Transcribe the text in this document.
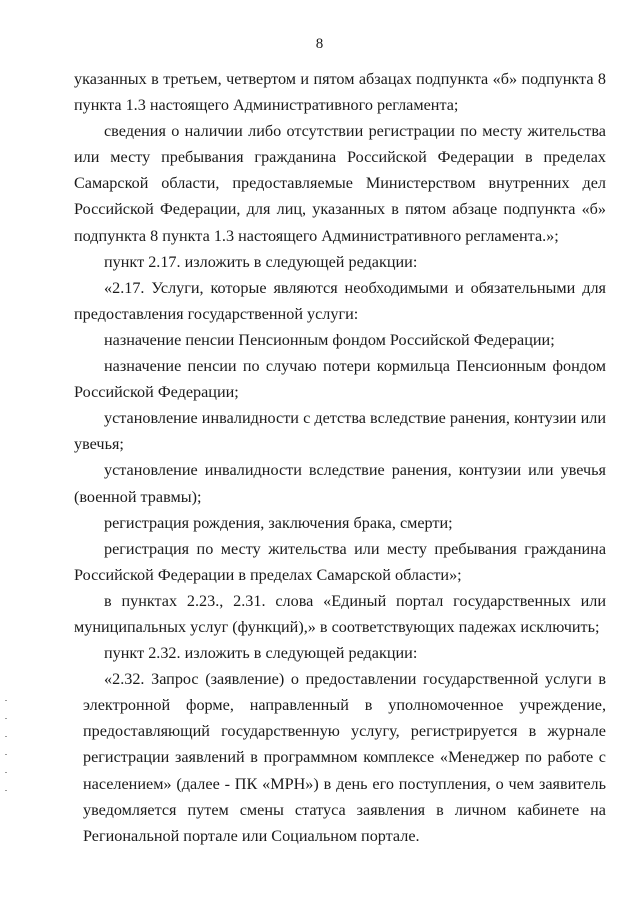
8

указанных в третьем, четвертом и пятом абзацах подпункта «б» подпункта 8 пункта 1.3 настоящего Административного регламента;

сведения о наличии либо отсутствии регистрации по месту жительства или месту пребывания гражданина Российской Федерации в пределах Самарской области, предоставляемые Министерством внутренних дел Российской Федерации, для лиц, указанных в пятом абзаце подпункта «б» подпункта 8 пункта 1.3 настоящего Административного регламента.»;

пункт 2.17. изложить в следующей редакции:

«2.17. Услуги, которые являются необходимыми и обязательными для предоставления государственной услуги:

назначение пенсии Пенсионным фондом Российской Федерации;

назначение пенсии по случаю потери кормильца Пенсионным фондом Российской Федерации;

установление инвалидности с детства вследствие ранения, контузии или увечья;

установление инвалидности вследствие ранения, контузии или увечья (военной травмы);

регистрация рождения, заключения брака, смерти;

регистрация по месту жительства или месту пребывания гражданина Российской Федерации в пределах Самарской области»;

в пунктах 2.23., 2.31. слова «Единый портал государственных или муниципальных услуг (функций),» в соответствующих падежах исключить;

пункт 2.32. изложить в следующей редакции:

«2.32. Запрос (заявление) о предоставлении государственной услуги в электронной форме, направленный в уполномоченное учреждение, предоставляющий государственную услугу, регистрируется в журнале регистрации заявлений в программном комплексе «Менеджер по работе с населением» (далее - ПК «МРН») в день его поступления, о чем заявитель уведомляется путем смены статуса заявления в личном кабинете на Региональной портале или Социальном портале.
